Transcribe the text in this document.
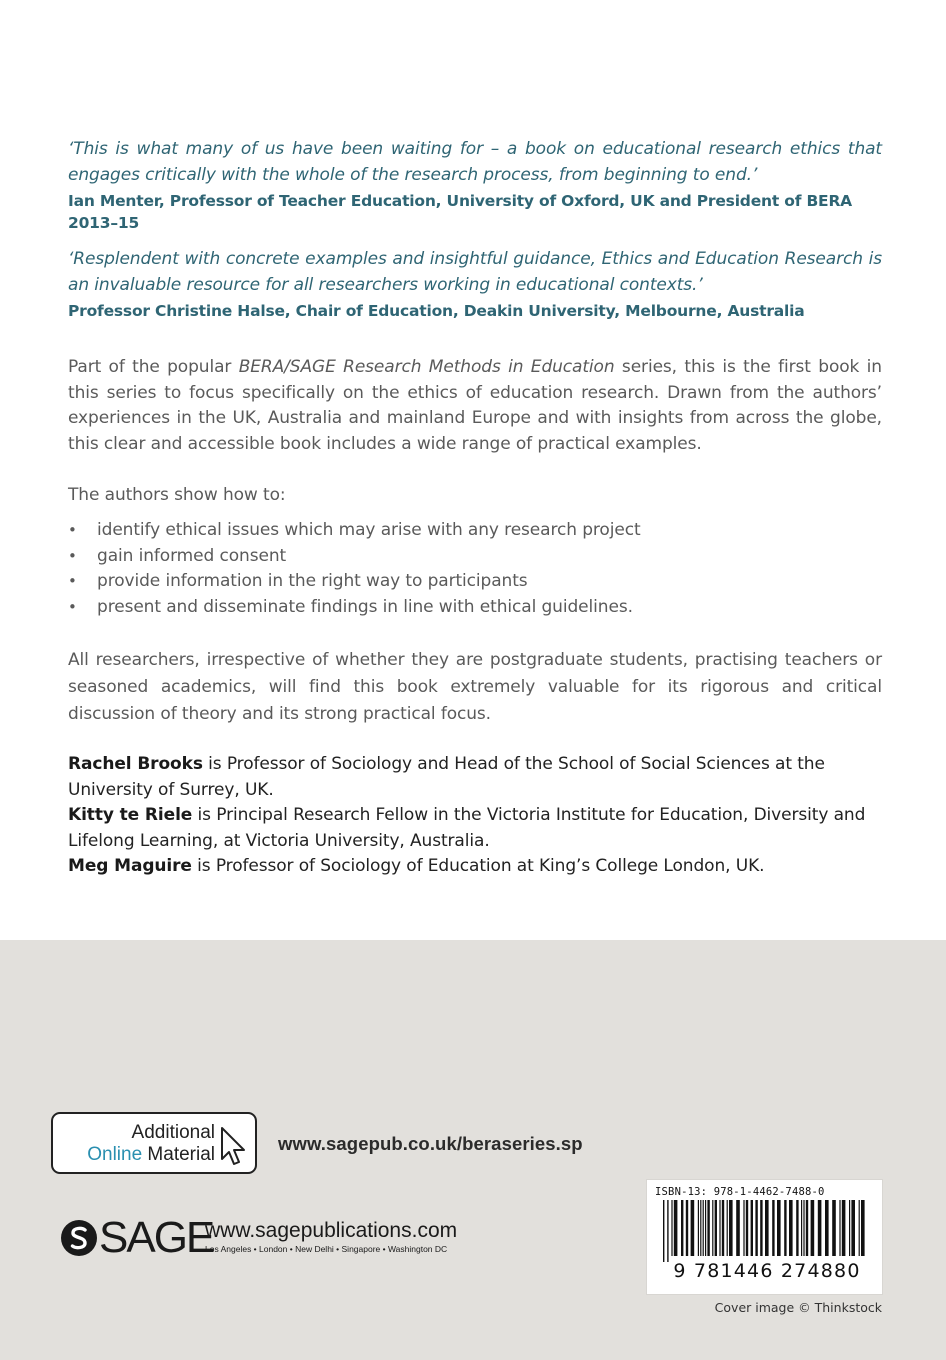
‘This is what many of us have been waiting for – a book on educational research ethics that engages critically with the whole of the research process, from beginning to end.’
Ian Menter, Professor of Teacher Education, University of Oxford, UK and President of BERA 2013–15
‘Resplendent with concrete examples and insightful guidance, Ethics and Education Research is an invaluable resource for all researchers working in educational contexts.’
Professor Christine Halse, Chair of Education, Deakin University, Melbourne, Australia
Part of the popular BERA/SAGE Research Methods in Education series, this is the first book in this series to focus specifically on the ethics of education research. Drawn from the authors’ experiences in the UK, Australia and mainland Europe and with insights from across the globe, this clear and accessible book includes a wide range of practical examples.
The authors show how to:
• identify ethical issues which may arise with any research project
• gain informed consent
• provide information in the right way to participants
• present and disseminate findings in line with ethical guidelines.
All researchers, irrespective of whether they are postgraduate students, practising teachers or seasoned academics, will find this book extremely valuable for its rigorous and critical discussion of theory and its strong practical focus.
Rachel Brooks is Professor of Sociology and Head of the School of Social Sciences at the University of Surrey, UK.
Kitty te Riele is Principal Research Fellow in the Victoria Institute for Education, Diversity and Lifelong Learning, at Victoria University, Australia.
Meg Maguire is Professor of Sociology of Education at King’s College London, UK.
Additional
Online Material
www.sagepub.co.uk/beraseries.sp
SAGE
www.sagepublications.com
Los Angeles • London • New Delhi • Singapore • Washington DC
ISBN-13: 978-1-4462-7488-0
9 781446 274880
Cover image © Thinkstock
